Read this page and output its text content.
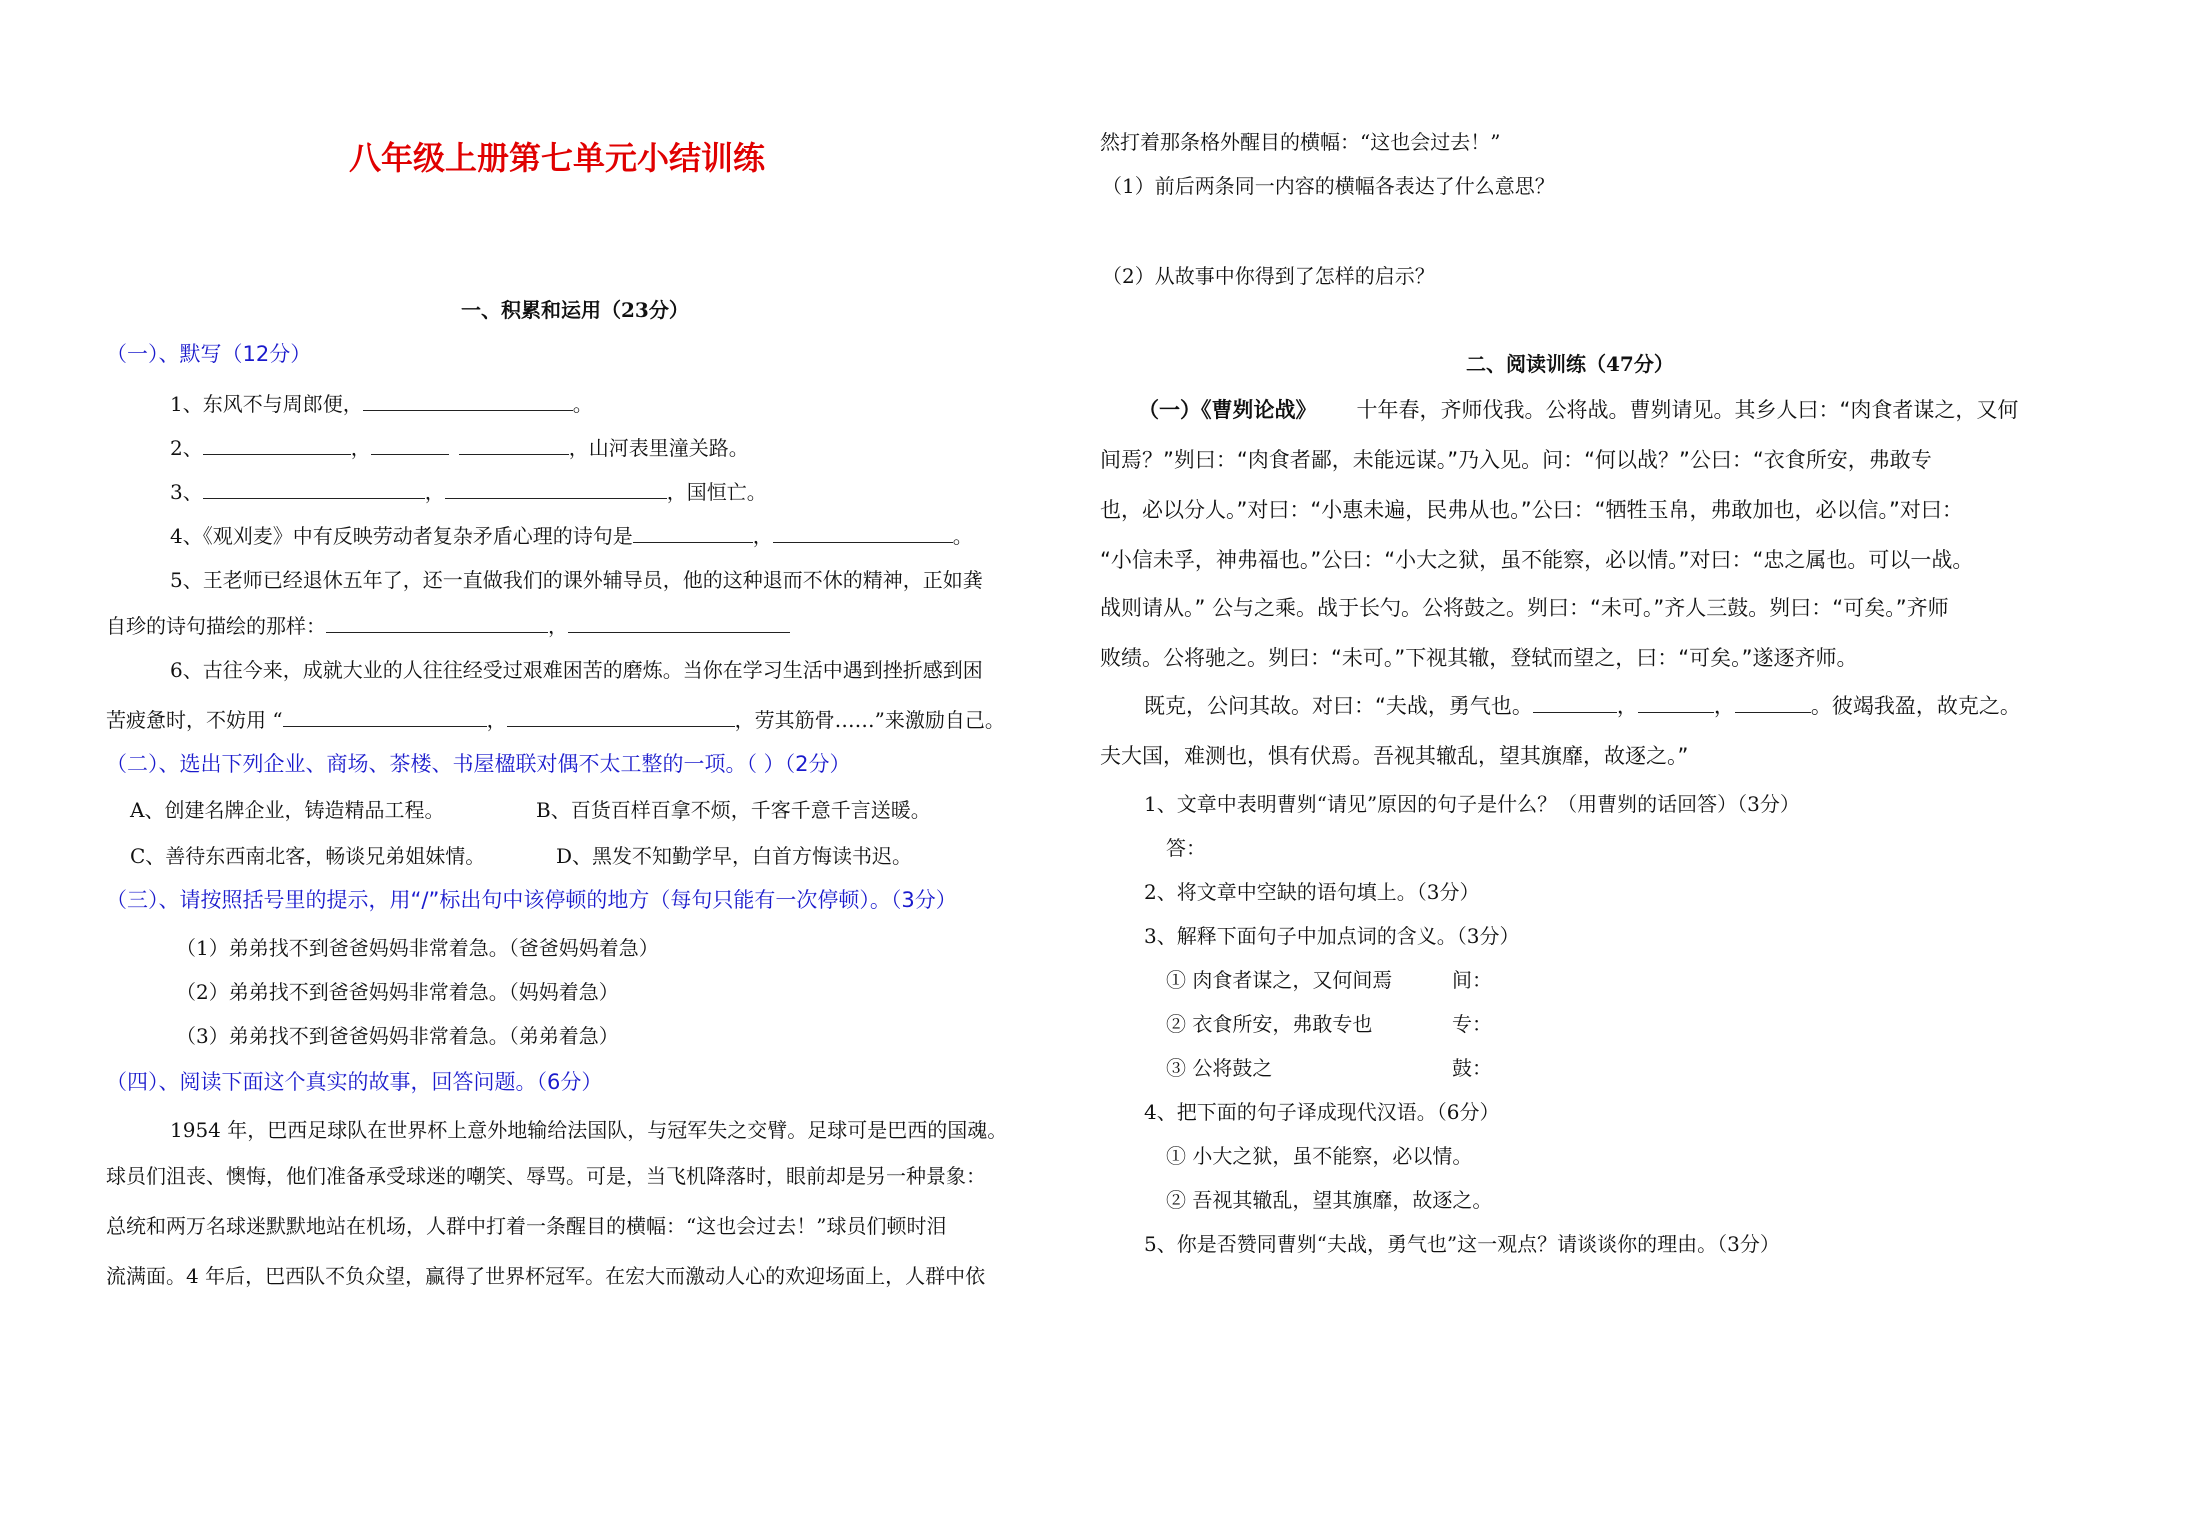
八年级上册第七单元小结训练
一、积累和运用（23分）
（一）、默写（12分）
1、东风不与周郎便，	。
2、	，	，山河表里潼关路。
3、	，	，国恒亡。
4、《观刈麦》中有反映劳动者复杂矛盾心理的诗句是	，	。
5、王老师已经退休五年了，还一直做我们的课外辅导员，他的这种退而不休的精神，正如龚
自珍的诗句描绘的那样：	，
6、古往今来，成就大业的人往往经受过艰难困苦的磨炼。当你在学习生活中遇到挫折感到困
苦疲惫时，不妨用 “	，	，劳其筋骨……”来激励自己。
（二）、选出下列企业、商场、茶楼、书屋楹联对偶不太工整的一项。（ ）（2分）
A、创建名牌企业，铸造精品工程。	B、百货百样百拿不烦，千客千意千言送暖。
C、善待东西南北客，畅谈兄弟姐妹情。	D、黑发不知勤学早，白首方悔读书迟。
（三）、请按照括号里的提示，用“/”标出句中该停顿的地方（每句只能有一次停顿）。（3分）
（1）弟弟找不到爸爸妈妈非常着急。（爸爸妈妈着急）
（2）弟弟找不到爸爸妈妈非常着急。（妈妈着急）
（3）弟弟找不到爸爸妈妈非常着急。（弟弟着急）
（四）、阅读下面这个真实的故事，回答问题。（6分）
1954 年，巴西足球队在世界杯上意外地输给法国队，与冠军失之交臂。足球可是巴西的国魂。
球员们沮丧、懊悔，他们准备承受球迷的嘲笑、辱骂。可是，当飞机降落时，眼前却是另一种景象：
总统和两万名球迷默默地站在机场，人群中打着一条醒目的横幅：“这也会过去！”球员们顿时泪
流满面。4 年后，巴西队不负众望，赢得了世界杯冠军。在宏大而激动人心的欢迎场面上，人群中依
然打着那条格外醒目的横幅：“这也会过去！”
（1）前后两条同一内容的横幅各表达了什么意思？
（2）从故事中你得到了怎样的启示？
二、阅读训练（47分）
（一）《曹刿论战》 十年春，齐师伐我。公将战。曹刿请见。其乡人曰：“肉食者谋之，又何
间焉？”刿曰：“肉食者鄙，未能远谋。”乃入见。问：“何以战？”公曰：“衣食所安，弗敢专
也，必以分人。”对曰：“小惠未遍，民弗从也。”公曰：“牺牲玉帛，弗敢加也，必以信。”对曰：
“小信未孚，神弗福也。”公曰：“小大之狱，虽不能察，必以情。”对曰：“忠之属也。可以一战。
战则请从。” 公与之乘。战于长勺。公将鼓之。刿曰：“未可。”齐人三鼓。刿曰：“可矣。”齐师
败绩。公将驰之。刿曰：“未可。”下视其辙，登轼而望之，曰：“可矣。”遂逐齐师。
既克，公问其故。对曰：“夫战，勇气也。	，	，	。彼竭我盈，故克之。
夫大国，难测也，惧有伏焉。吾视其辙乱，望其旗靡，故逐之。”
1、文章中表明曹刿“请见”原因的句子是什么？（用曹刿的话回答）（3分）
答：
2、将文章中空缺的语句填上。（3分）
3、解释下面句子中加点词的含义。（3分）
① 肉食者谋之，又何间焉	间：
② 衣食所安，弗敢专也	专：
③ 公将鼓之	鼓：
4、把下面的句子译成现代汉语。（6分）
① 小大之狱，虽不能察，必以情。
② 吾视其辙乱，望其旗靡，故逐之。
5、你是否赞同曹刿“夫战，勇气也”这一观点？请谈谈你的理由。（3分）
